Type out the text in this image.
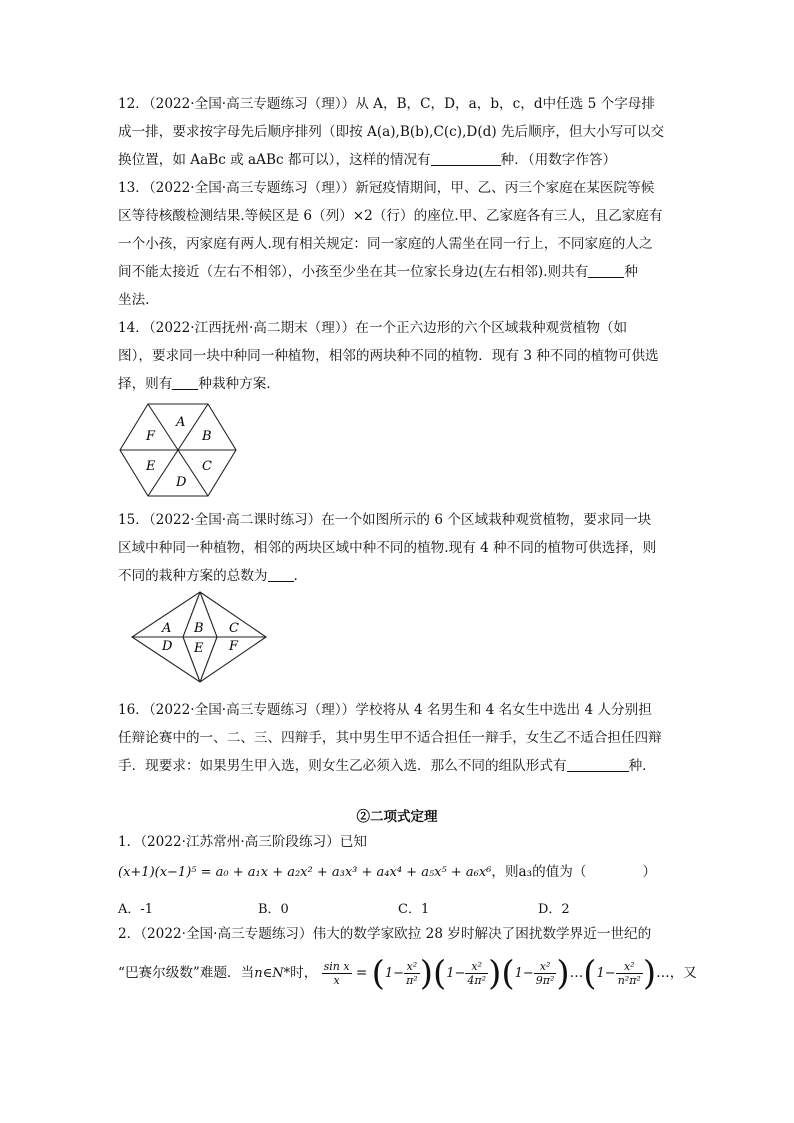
12．（2022·全国·高三专题练习（理））从 A，B，C，D，a，b，c，d中任选 5 个字母排
成一排，要求按字母先后顺序排列（即按 A(a),B(b),C(c),D(d) 先后顺序，但大小写可以交
换位置，如 AaBc 或 aABc 都可以），这样的情况有	种．（用数字作答）
13．（2022·全国·高三专题练习（理））新冠疫情期间，甲、乙、丙三个家庭在某医院等候
区等待核酸检测结果.等候区是 6（列）×2（行）的座位.甲、乙家庭各有三人，且乙家庭有
一个小孩，丙家庭有两人.现有相关规定：同一家庭的人需坐在同一行上，不同家庭的人之
间不能太接近（左右不相邻），小孩至少坐在其一位家长身边(左右相邻).则共有	种
坐法.
14．（2022·江西抚州·高二期末（理））在一个正六边形的六个区域栽种观赏植物（如
图），要求同一块中种同一种植物，相邻的两块种不同的植物．现有 3 种不同的植物可供选
择，则有 种栽种方案．
A
B
C
D
E
F
15．（2022·全国·高二课时练习）在一个如图所示的 6 个区域栽种观赏植物，要求同一块
区域中种同一种植物，相邻的两块区域中种不同的植物.现有 4 种不同的植物可供选择，则
不同的栽种方案的总数为 .
A B C
D E F
16．（2022·全国·高三专题练习（理））学校将从 4 名男生和 4 名女生中选出 4 人分别担
任辩论赛中的一、二、三、四辩手，其中男生甲不适合担任一辩手，女生乙不适合担任四辩
手．现要求：如果男生甲入选，则女生乙必须入选．那么不同的组队形式有	种．
②二项式定理
1．（2022·江苏常州·高三阶段练习）已知
(x+1)(x−1)⁵ = a₀ + a₁x + a₂x² + a₃x³ + a₄x⁴ + a₅x⁵ + a₆x⁶，则a₃的值为（	）
A．-1	B．0	C．1	D．2
2．（2022·全国·高三专题练习）伟大的数学家欧拉 28 岁时解决了困扰数学界近一世纪的
“巴赛尔级数”难题．当n∈N*时， $\frac{\text{sin x}}{x} = (1- \frac{\text{x²}}{\text{π²}} )(1- \frac{\text{x²}}{\text{4π²}} )(1- \frac{\text{x²}}{\text{9π²}}$ )…(1− $\frac{\text{x²}}{\text{n²π²}}$ )…，又
